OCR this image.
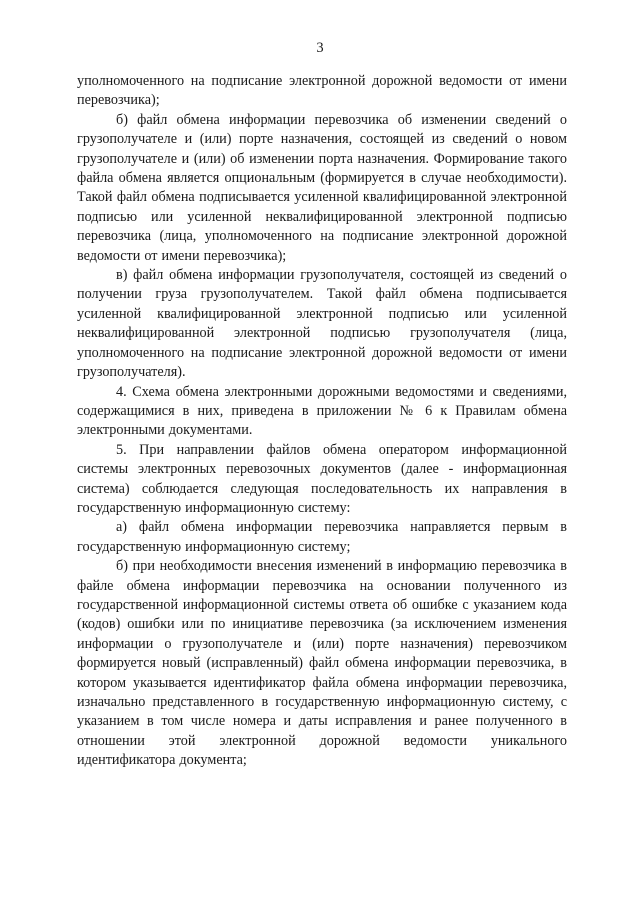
3

уполномоченного на подписание электронной дорожной ведомости от имени перевозчика);

б) файл обмена информации перевозчика об изменении сведений о грузополучателе и (или) порте назначения, состоящей из сведений о новом грузополучателе и (или) об изменении порта назначения. Формирование такого файла обмена является опциональным (формируется в случае необходимости). Такой файл обмена подписывается усиленной квалифицированной электронной подписью или усиленной неквалифицированной электронной подписью перевозчика (лица, уполномоченного на подписание электронной дорожной ведомости от имени перевозчика);

в) файл обмена информации грузополучателя, состоящей из сведений о получении груза грузополучателем. Такой файл обмена подписывается усиленной квалифицированной электронной подписью или усиленной неквалифицированной электронной подписью грузополучателя (лица, уполномоченного на подписание электронной дорожной ведомости от имени грузополучателя).

4. Схема обмена электронными дорожными ведомостями и сведениями, содержащимися в них, приведена в приложении № 6 к Правилам обмена электронными документами.

5. При направлении файлов обмена оператором информационной системы электронных перевозочных документов (далее - информационная система) соблюдается следующая последовательность их направления в государственную информационную систему:

а) файл обмена информации перевозчика направляется первым в государственную информационную систему;

б) при необходимости внесения изменений в информацию перевозчика в файле обмена информации перевозчика на основании полученного из государственной информационной системы ответа об ошибке с указанием кода (кодов) ошибки или по инициативе перевозчика (за исключением изменения информации о грузополучателе и (или) порте назначения) перевозчиком формируется новый (исправленный) файл обмена информации перевозчика, в котором указывается идентификатор файла обмена информации перевозчика, изначально представленного в государственную информационную систему, с указанием в том числе номера и даты исправления и ранее полученного в отношении этой электронной дорожной ведомости уникального идентификатора документа;
